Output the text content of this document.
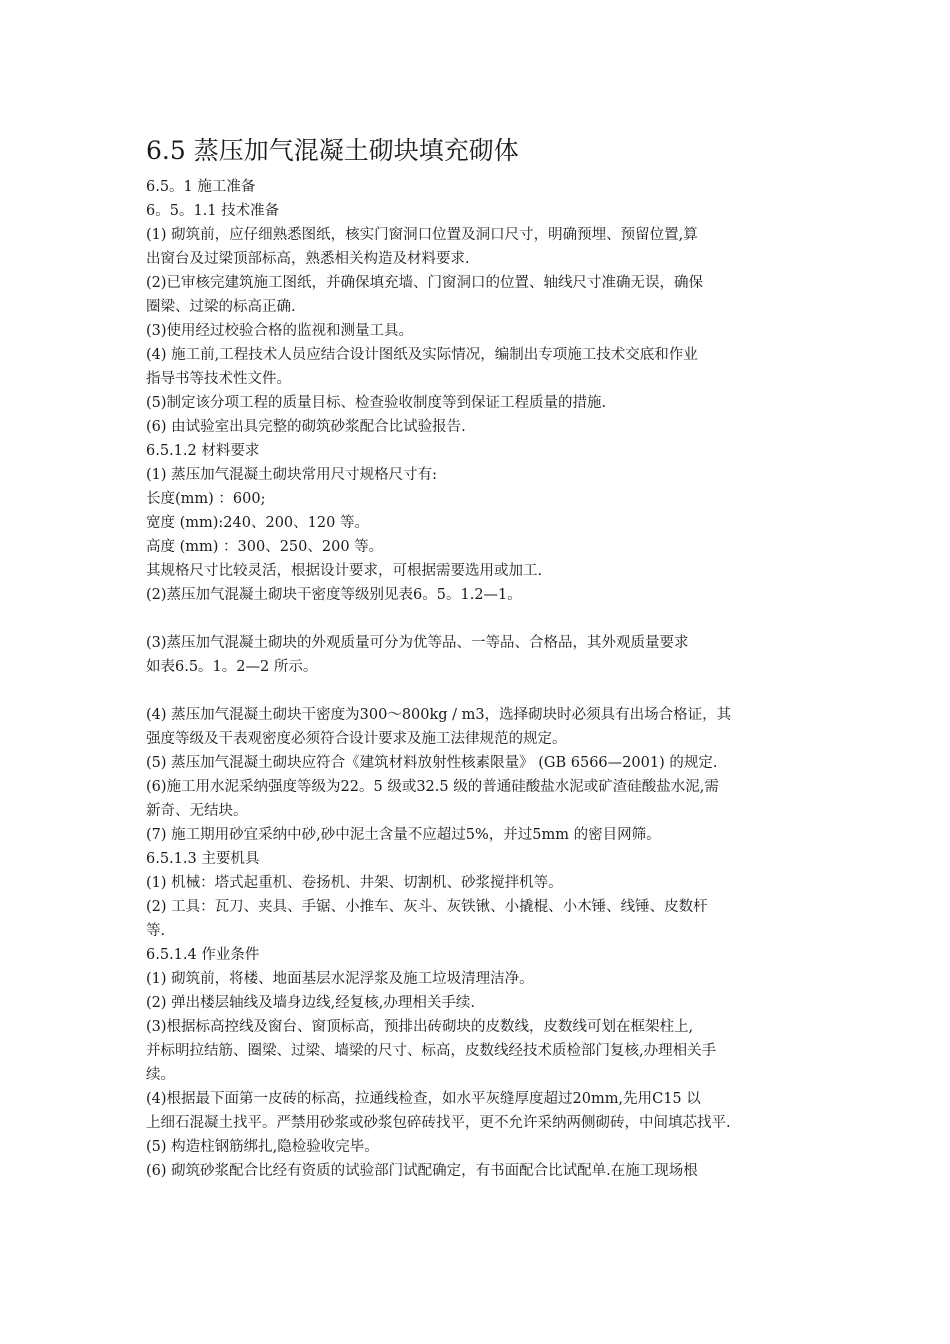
6.5 蒸压加气混凝土砌块填充砌体
6.5。1 施工准备
6。5。1.1 技术准备
(1) 砌筑前，应仔细熟悉图纸，核实门窗洞口位置及洞口尺寸，明确预埋、预留位置,算
出窗台及过梁顶部标高，熟悉相关构造及材料要求.
(2)已审核完建筑施工图纸，并确保填充墙、门窗洞口的位置、轴线尺寸准确无误，确保
圈梁、过梁的标高正确.
(3)使用经过校验合格的监视和测量工具。
(4) 施工前,工程技术人员应结合设计图纸及实际情况，编制出专项施工技术交底和作业
指导书等技术性文件。
(5)制定该分项工程的质量目标、检查验收制度等到保证工程质量的措施.
(6) 由试验室出具完整的砌筑砂浆配合比试验报告.
6.5.1.2 材料要求
(1) 蒸压加气混凝土砌块常用尺寸规格尺寸有:
长度(mm) ：600;
宽度 (mm):240、200、120 等。
高度 (mm) ：300、250、200 等。
其规格尺寸比较灵活，根据设计要求，可根据需要选用或加工.
(2)蒸压加气混凝土砌块干密度等级别见表6。5。1.2—1。
(3)蒸压加气混凝土砌块的外观质量可分为优等品、一等品、合格品，其外观质量要求
如表6.5。1。2—2 所示。
(4) 蒸压加气混凝土砌块干密度为300～800kg / m3，选择砌块时必须具有出场合格证，其
强度等级及干表观密度必须符合设计要求及施工法律规范的规定。
(5) 蒸压加气混凝土砌块应符合《建筑材料放射性核素限量》 (GB 6566—2001) 的规定.
(6)施工用水泥采纳强度等级为22。5 级或32.5 级的普通硅酸盐水泥或矿渣硅酸盐水泥,需
新奇、无结块。
(7) 施工期用砂宜采纳中砂,砂中泥土含量不应超过5%，并过5mm 的密目网筛。
6.5.1.3 主要机具
(1) 机械：塔式起重机、卷扬机、井架、切割机、砂浆搅拌机等。
(2) 工具：瓦刀、夹具、手锯、小推车、灰斗、灰铁锹、小撬棍、小木锤、线锤、皮数杆
等.
6.5.1.4 作业条件
(1) 砌筑前，将楼、地面基层水泥浮浆及施工垃圾清理洁净。
(2) 弹出楼层轴线及墙身边线,经复核,办理相关手续.
(3)根据标高控线及窗台、窗顶标高，预排出砖砌块的皮数线，皮数线可划在框架柱上,
并标明拉结筋、圈梁、过梁、墙梁的尺寸、标高，皮数线经技术质检部门复核,办理相关手
续。
(4)根据最下面第一皮砖的标高，拉通线检查，如水平灰缝厚度超过20mm,先用C15 以
上细石混凝土找平。严禁用砂浆或砂浆包碎砖找平，更不允许采纳两侧砌砖，中间填芯找平.
(5) 构造柱钢筋绑扎,隐检验收完毕。
(6) 砌筑砂浆配合比经有资质的试验部门试配确定，有书面配合比试配单.在施工现场根
